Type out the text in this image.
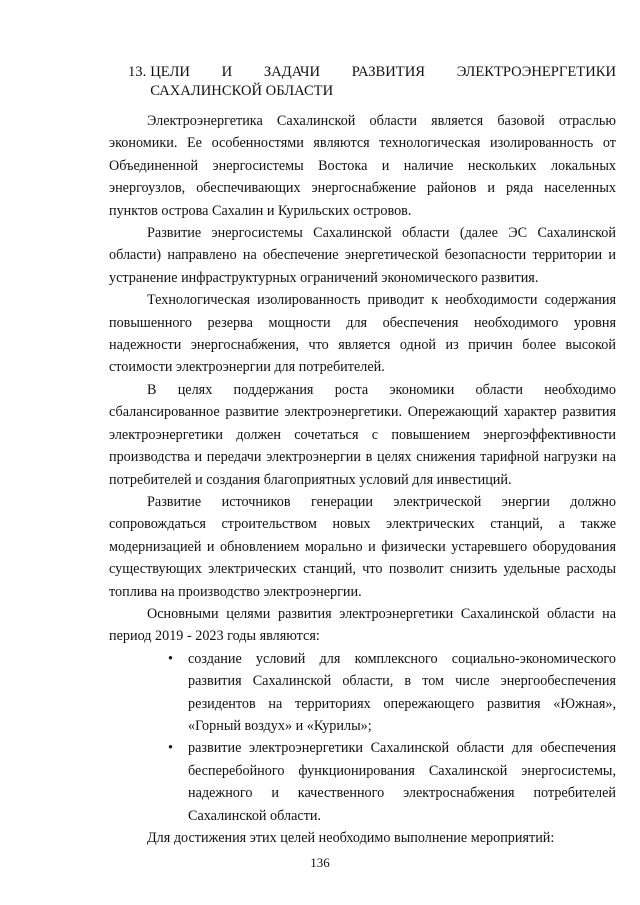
13. ЦЕЛИ И ЗАДАЧИ РАЗВИТИЯ ЭЛЕКТРОЭНЕРГЕТИКИ САХАЛИНСКОЙ ОБЛАСТИ

Электроэнергетика Сахалинской области является базовой отраслью экономики. Ее особенностями являются технологическая изолированность от Объединенной энергосистемы Востока и наличие нескольких локальных энергоузлов, обеспечивающих энергоснабжение районов и ряда населенных пунктов острова Сахалин и Курильских островов.

Развитие энергосистемы Сахалинской области (далее ЭС Сахалинской области) направлено на обеспечение энергетической безопасности территории и устранение инфраструктурных ограничений экономического развития.

Технологическая изолированность приводит к необходимости содержания повышенного резерва мощности для обеспечения необходимого уровня надежности энергоснабжения, что является одной из причин более высокой стоимости электроэнергии для потребителей.

В целях поддержания роста экономики области необходимо сбалансированное развитие электроэнергетики. Опережающий характер развития электроэнергетики должен сочетаться с повышением энергоэффективности производства и передачи электроэнергии в целях снижения тарифной нагрузки на потребителей и создания благоприятных условий для инвестиций.

Развитие источников генерации электрической энергии должно сопровождаться строительством новых электрических станций, а также модернизацией и обновлением морально и физически устаревшего оборудования существующих электрических станций, что позволит снизить удельные расходы топлива на производство электроэнергии.

Основными целями развития электроэнергетики Сахалинской области на период 2019 - 2023 годы являются:

• создание условий для комплексного социально-экономического развития Сахалинской области, в том числе энергообеспечения резидентов на территориях опережающего развития «Южная», «Горный воздух» и «Курилы»;
• развитие электроэнергетики Сахалинской области для обеспечения бесперебойного функционирования Сахалинской энергосистемы, надежного и качественного электроснабжения потребителей Сахалинской области.

Для достижения этих целей необходимо выполнение мероприятий:

136
